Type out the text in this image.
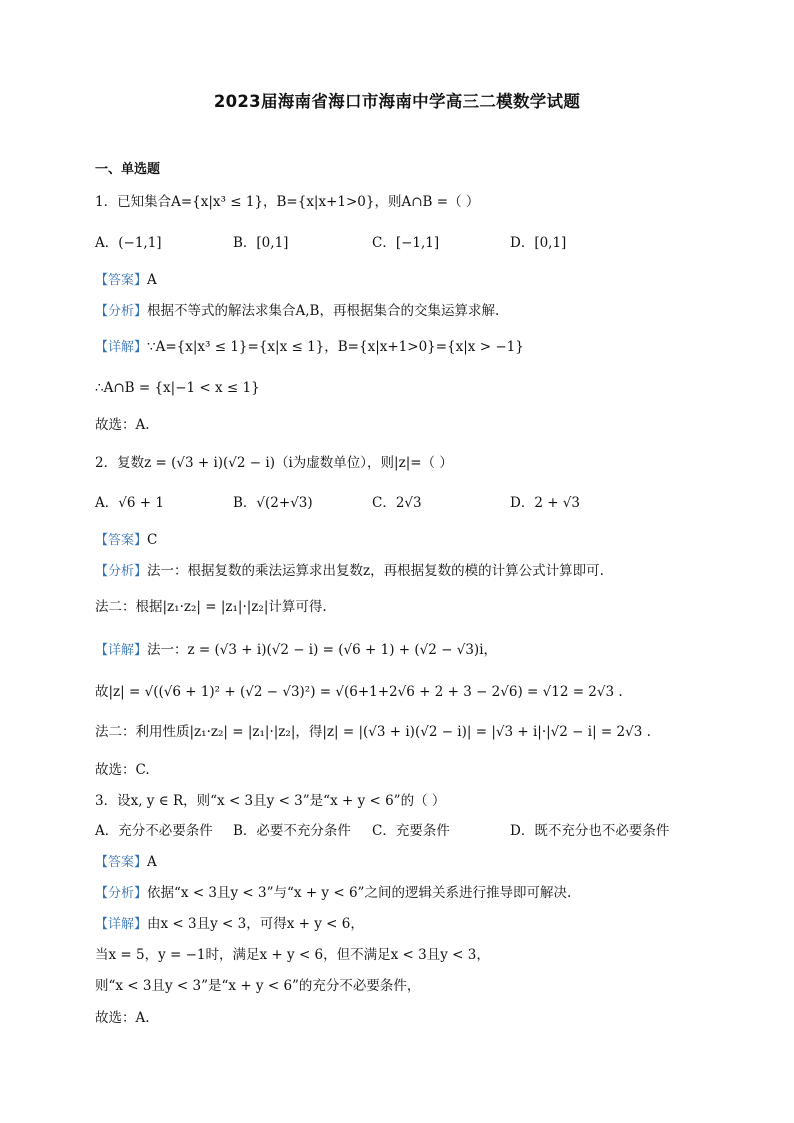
2023届海南省海口市海南中学高三二模数学试题
一、单选题
1．已知集合A={x|x³ ≤ 1}，B={x|x+1>0}，则A∩B =（ ）
A．(−1,1]	B．[0,1]	C．[−1,1]	D．[0,1]
【答案】A
【分析】根据不等式的解法求集合A,B，再根据集合的交集运算求解.
【详解】∵A={x|x³ ≤ 1}={x|x ≤ 1}，B={x|x+1>0}={x|x > −1}
∴A∩B = {x|−1 < x ≤ 1}
故选：A.
2．复数z = (√3 + i)(√2 − i)（i为虚数单位），则|z|=（ ）
A．√6 + 1	B．√(2+√3)	C．2√3	D．2 + √3
【答案】C
【分析】法一：根据复数的乘法运算求出复数z，再根据复数的模的计算公式计算即可.
法二：根据|z₁·z₂| = |z₁|·|z₂|计算可得.
【详解】法一：z = (√3 + i)(√2 − i) = (√6 + 1) + (√2 − √3)i，
故|z| = √((√6 + 1)² + (√2 − √3)²) = √(6+1+2√6 + 2 + 3 − 2√6) = √12 = 2√3 .
法二：利用性质|z₁·z₂| = |z₁|·|z₂|，得|z| = |(√3 + i)(√2 − i)| = |√3 + i|·|√2 − i| = 2√3 .
故选：C.
3．设x, y ∈ R，则“x < 3且y < 3”是“x + y < 6”的（ ）
A．充分不必要条件 B．必要不充分条件 C．充要条件	D．既不充分也不必要条件
【答案】A
【分析】依据“x < 3且y < 3”与“x + y < 6”之间的逻辑关系进行推导即可解决.
【详解】由x < 3且y < 3，可得x + y < 6，
当x = 5，y = −1时，满足x + y < 6，但不满足x < 3且y < 3，
则“x < 3且y < 3”是“x + y < 6”的充分不必要条件，
故选：A.
